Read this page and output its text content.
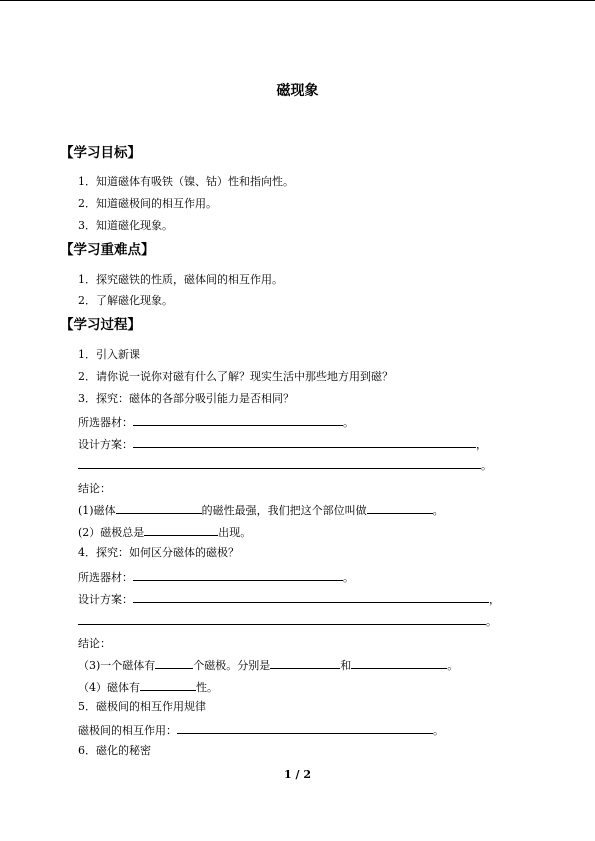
磁现象
【学习目标】
1．知道磁体有吸铁（镍、钴）性和指向性。
2．知道磁极间的相互作用。
3．知道磁化现象。
【学习重难点】
1．探究磁铁的性质，磁体间的相互作用。
2．了解磁化现象。
【学习过程】
1．引入新课
2．请你说一说你对磁有什么了解？现实生活中那些地方用到磁？
3．探究：磁体的各部分吸引能力是否相同？
所选器材：	。
设计方案：	，
。
结论：
(1)磁体	的磁性最强，我们把这个部位叫做	。
(2）磁极总是	出现。
4．探究：如何区分磁体的磁极？
所选器材：	。
设计方案：	，
。
结论：
（3)一个磁体有	个磁极。分别是	和	。
（4）磁体有	性。
5．磁极间的相互作用规律
磁极间的相互作用：	。
6．磁化的秘密
1 / 2
